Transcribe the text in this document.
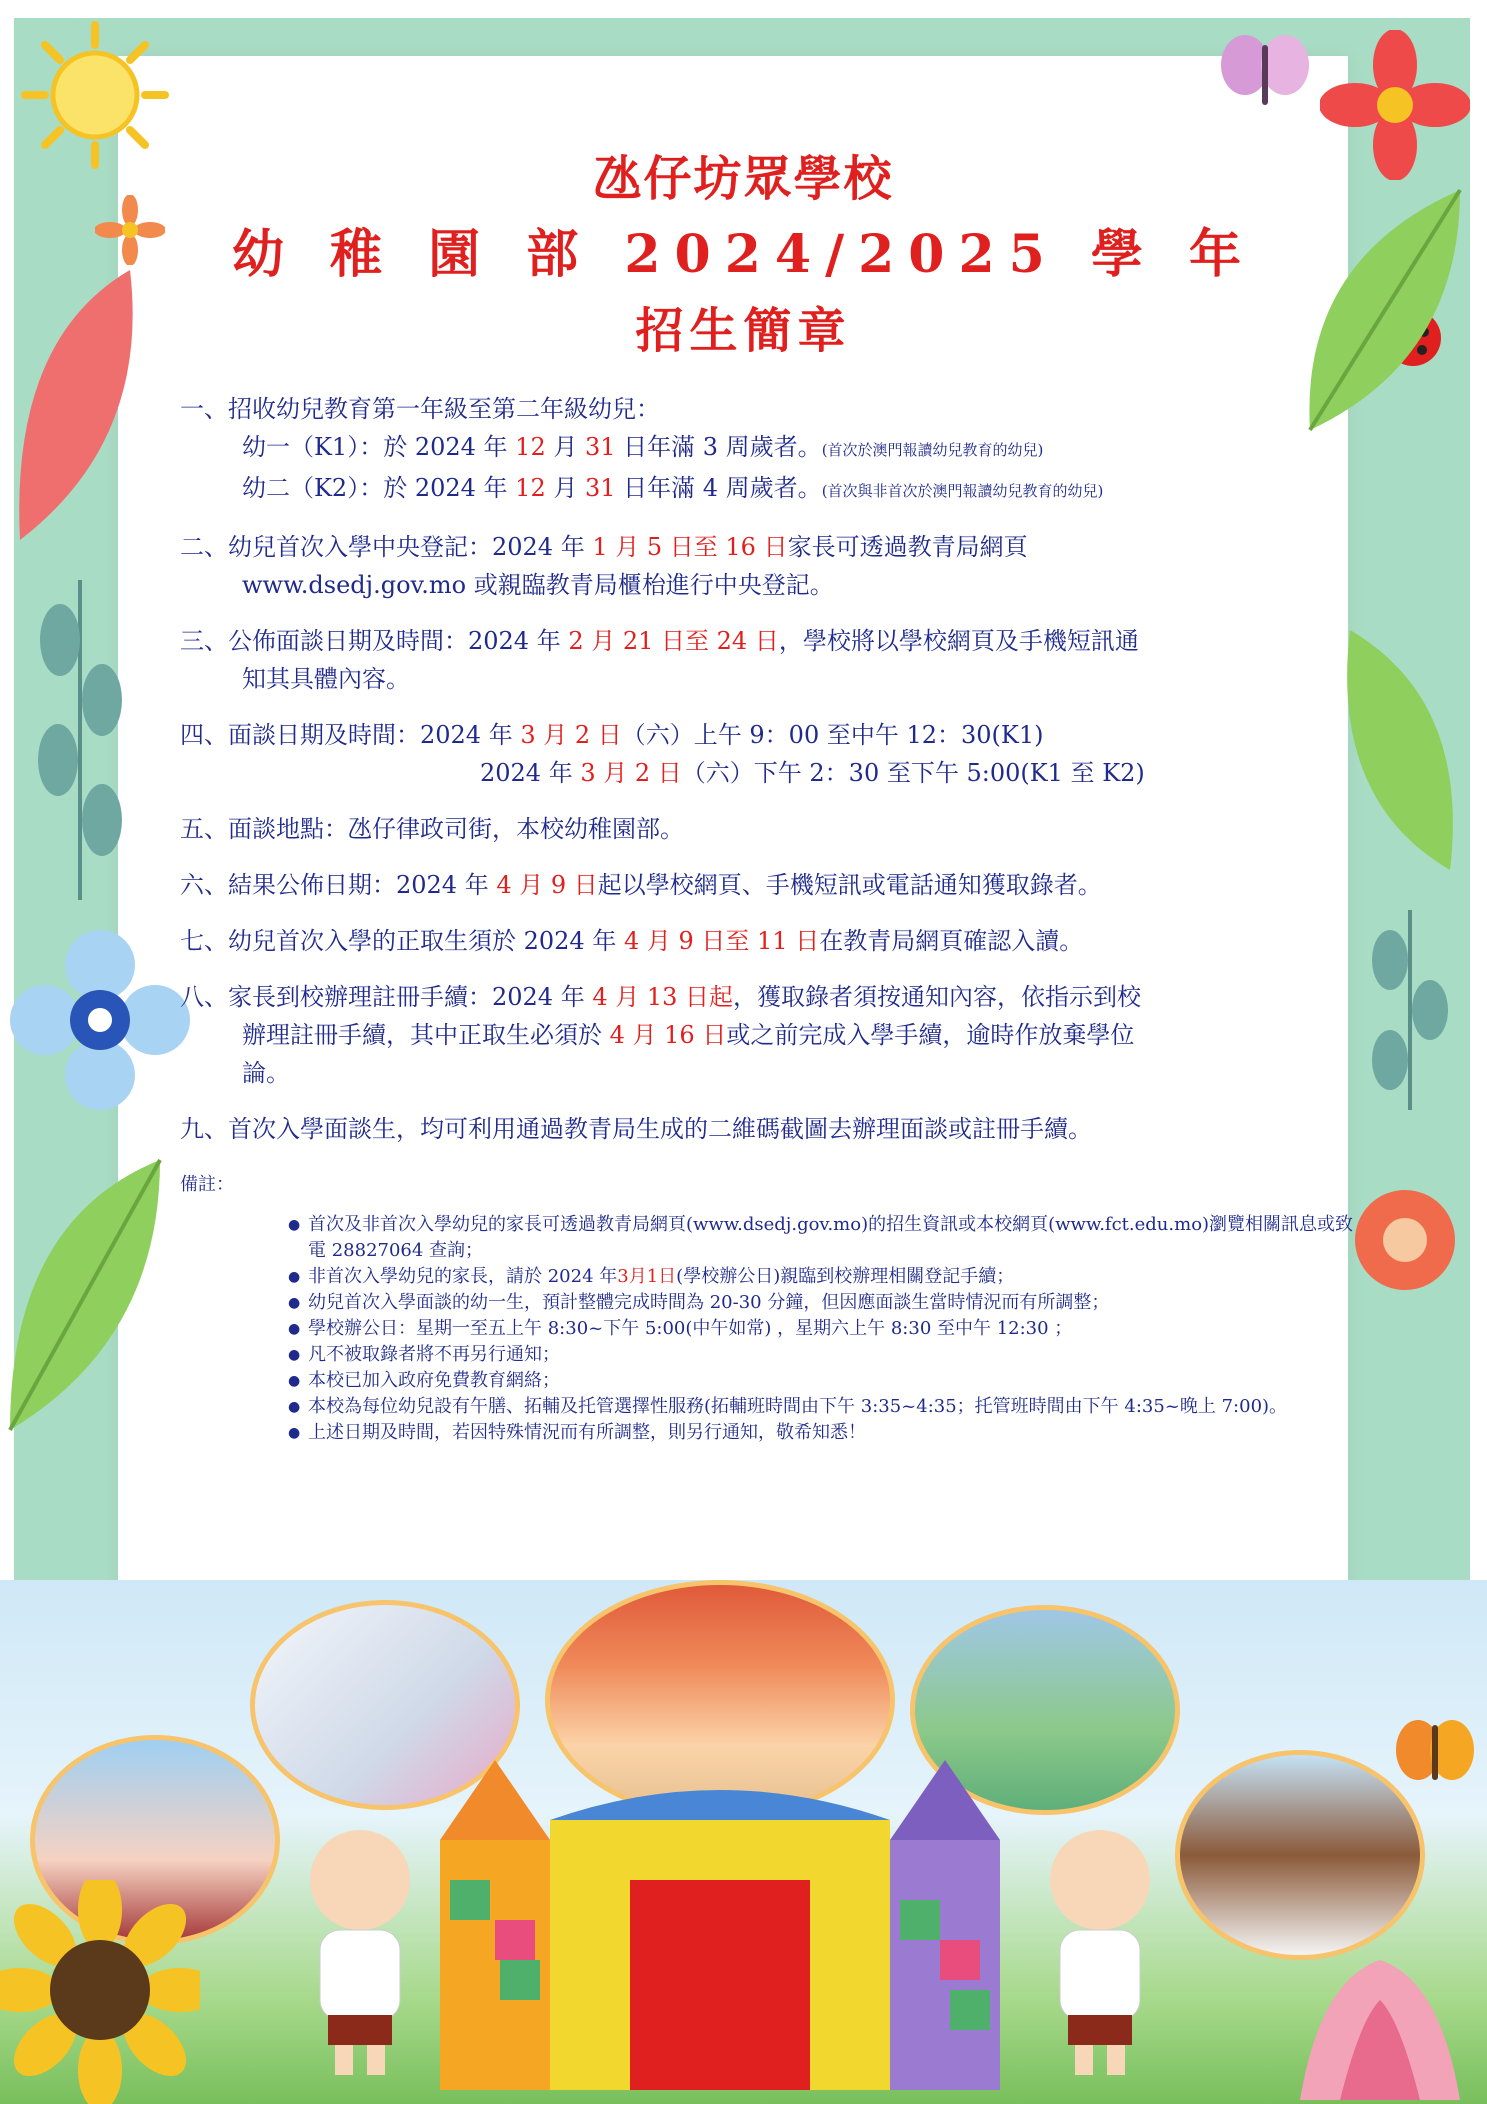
氹仔坊眾學校
幼 稚 園 部 2024/2025 學 年
招生簡章
一、招收幼兒教育第一年級至第二年級幼兒：
幼一（K1）：於 2024 年 12 月 31 日年滿 3 周歲者。(首次於澳門報讀幼兒教育的幼兒)
幼二（K2）：於 2024 年 12 月 31 日年滿 4 周歲者。(首次與非首次於澳門報讀幼兒教育的幼兒)
二、幼兒首次入學中央登記：2024 年 1 月 5 日至 16 日家長可透過教青局網頁
www.dsedj.gov.mo 或親臨教青局櫃枱進行中央登記。
三、公佈面談日期及時間：2024 年 2 月 21 日至 24 日，學校將以學校網頁及手機短訊通
知其具體內容。
四、面談日期及時間：2024 年 3 月 2 日（六）上午 9：00 至中午 12：30(K1)
2024 年 3 月 2 日（六）下午 2：30 至下午 5:00(K1 至 K2)
五、面談地點：氹仔律政司街，本校幼稚園部。
六、結果公佈日期：2024 年 4 月 9 日起以學校網頁、手機短訊或電話通知獲取錄者。
七、幼兒首次入學的正取生須於 2024 年 4 月 9 日至 11 日在教青局網頁確認入讀。
八、家長到校辦理註冊手續：2024 年 4 月 13 日起，獲取錄者須按通知內容，依指示到校
辦理註冊手續，其中正取生必須於 4 月 16 日或之前完成入學手續，逾時作放棄學位
論。
九、首次入學面談生，均可利用通過教青局生成的二維碼截圖去辦理面談或註冊手續。
備註：
● 首次及非首次入學幼兒的家長可透過教青局網頁(www.dsedj.gov.mo)的招生資訊或本校網頁(www.fct.edu.mo)瀏覽相關訊息或致電 28827064 查詢；
● 非首次入學幼兒的家長，請於 2024 年3月1日(學校辦公日)親臨到校辦理相關登記手續；
● 幼兒首次入學面談的幼一生，預計整體完成時間為 20-30 分鐘，但因應面談生當時情況而有所調整；
● 學校辦公日：星期一至五上午 8:30~下午 5:00(中午如常) ，星期六上午 8:30 至中午 12:30 ；
● 凡不被取錄者將不再另行通知；
● 本校已加入政府免費教育網絡；
● 本校為每位幼兒設有午膳、拓輔及托管選擇性服務(拓輔班時間由下午 3:35~4:35；托管班時間由下午 4:35~晚上 7:00)。
● 上述日期及時間，若因特殊情況而有所調整，則另行通知，敬希知悉！
